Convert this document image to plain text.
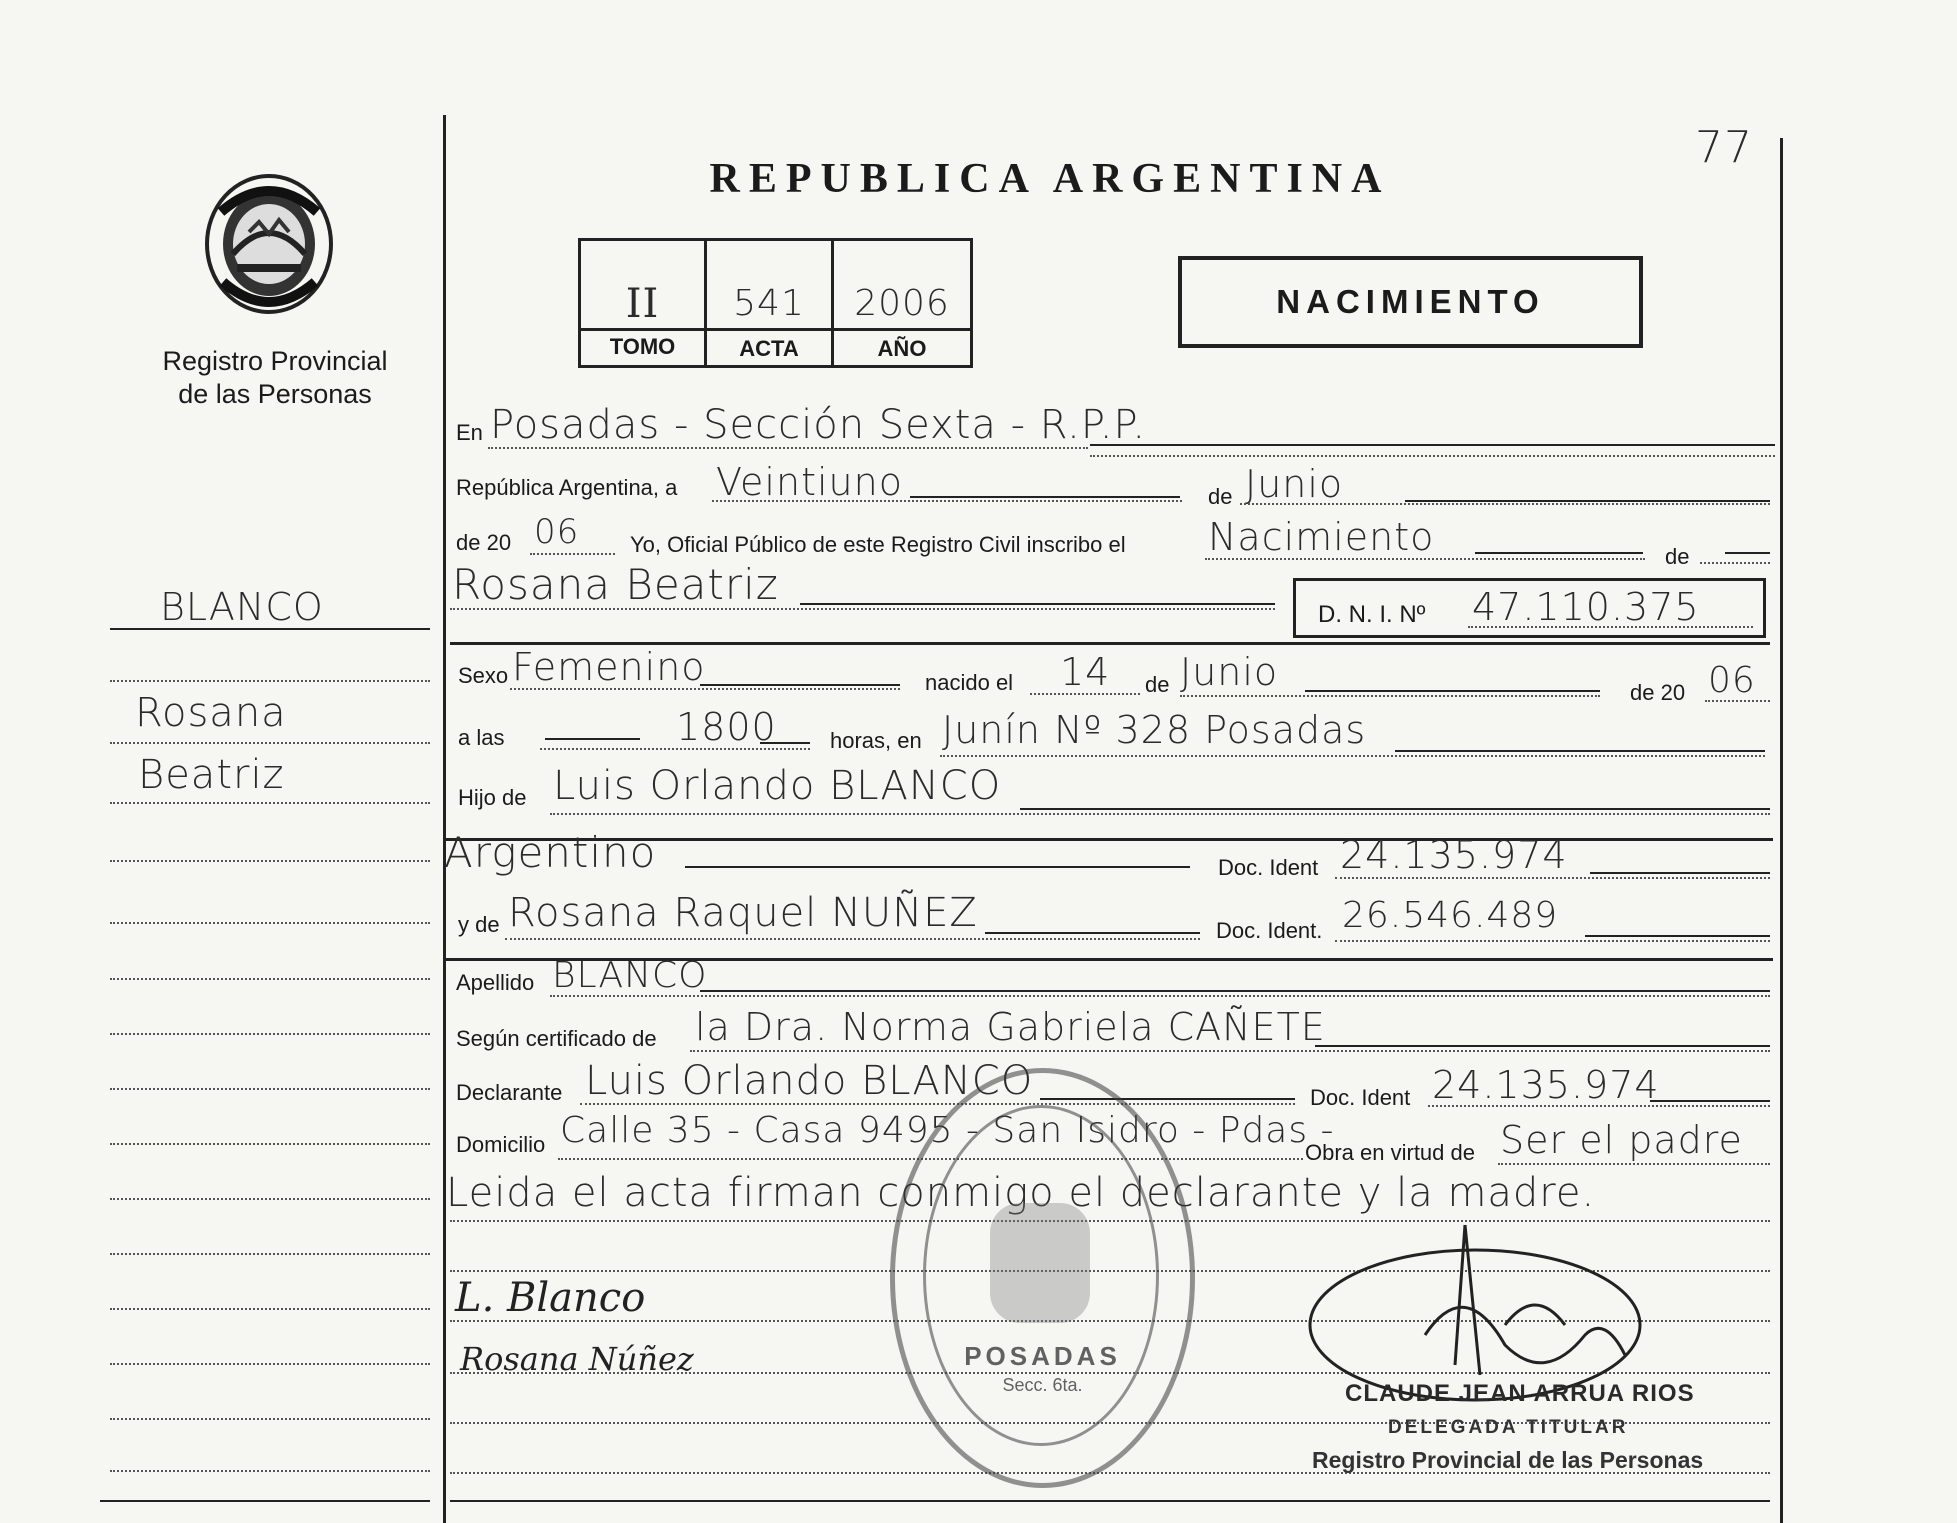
77
Registro Provincial
de las Personas
REPUBLICA ARGENTINA
II	541	2006
TOMO	ACTA	AÑO
NACIMIENTO
BLANCO
Rosana
Beatriz
En Posadas - Sección Sexta - R.P.P.
República Argentina, a Veintiuno	de Junio
de 20 06 Yo, Oficial Público de este Registro Civil inscribo el Nacimiento	de
Rosana Beatriz
D. N. I. Nº 47.110.375
Sexo Femenino	nacido el 14 de Junio	de 20 06
a las	1800 horas, en Junín Nº 328 Posadas
Hijo de Luis Orlando BLANCO
Argentino	Doc. Ident 24.135.974
y de Rosana Raquel NUÑEZ	Doc. Ident. 26.546.489
Apellido BLANCO
Según certificado de la Dra. Norma Gabriela CAÑETE
Declarante Luis Orlando BLANCO	Doc. Ident 24.135.974
Domicilio Calle 35 - Casa 9495 - San Isidro - Pdas -
Obra en virtud de Ser el padre
Leida el acta firman conmigo el declarante y la madre.
L. Blanco
Rosana Núñez	POSADAS
Secc. 6ta.	CLAUDE JEAN ARRUA RIOS
DELEGADA TITULAR
Registro Provincial de las Personas
